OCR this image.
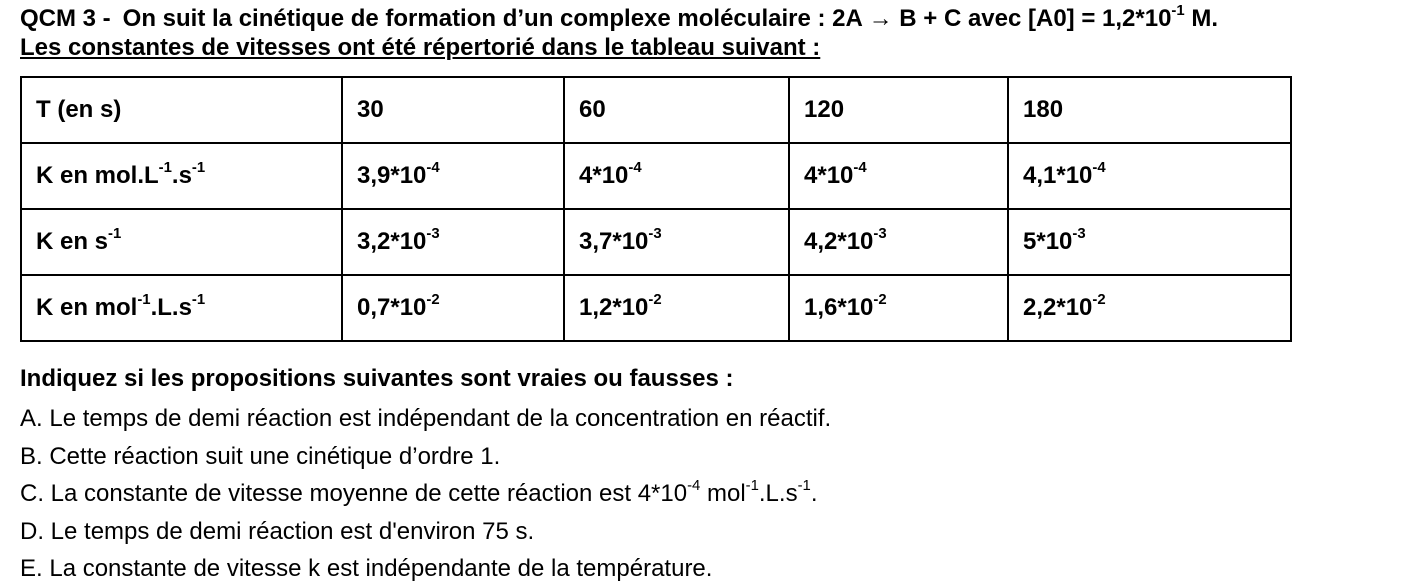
QCM 3 - On suit la cinétique de formation d’un complexe moléculaire : 2A → B + C avec $[A0] = 1,2*10^{-1}$ M.
Les constantes de vitesses ont été répertorié dans le tableau suivant :
T (en s)	30	60	120	180
K en $mol.L^{-1}.s^{-1}$	$3,9*10^{-4}$	$4*10^{-4}$	$4*10^{-4}$	$4,1*10^{-4}$
K en $s^{-1}$	$3,2*10^{-3}$	$3,7*10^{-3}$	$4,2*10^{-3}$	$5*10^{-3}$
K en $mol^{-1}.L.s^{-1}$	$0,7*10^{-2}$	$1,2*10^{-2}$	$1,6*10^{-2}$	$2,2*10^{-2}$
Indiquez si les propositions suivantes sont vraies ou fausses :
A. Le temps de demi réaction est indépendant de la concentration en réactif.
B. Cette réaction suit une cinétique d’ordre 1.
C. La constante de vitesse moyenne de cette réaction est $4*10^{-4}$ $mol^{-1}.L.s^{-1}$.
D. Le temps de demi réaction est d'environ 75 s.
E. La constante de vitesse k est indépendante de la température.
